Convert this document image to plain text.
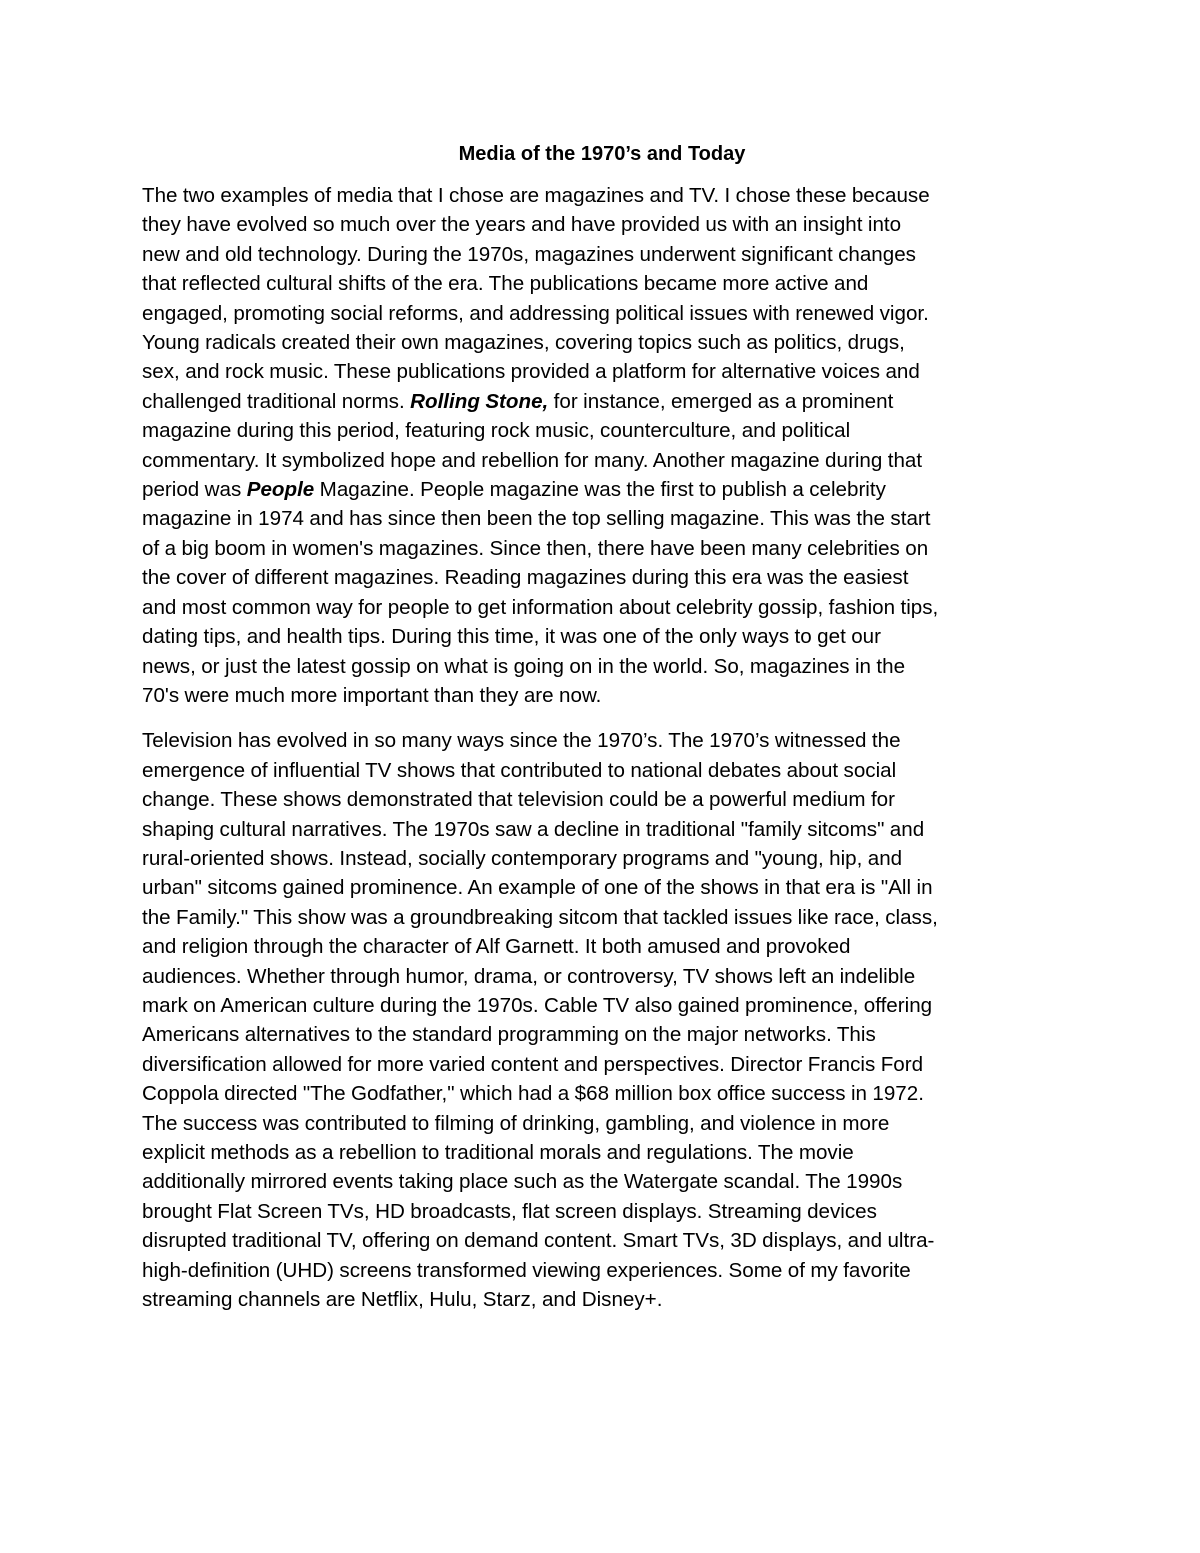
Media of the 1970’s and Today
The two examples of media that I chose are magazines and TV. I chose these because
they have evolved so much over the years and have provided us with an insight into
new and old technology. During the 1970s, magazines underwent significant changes
that reflected cultural shifts of the era. The publications became more active and
engaged, promoting social reforms, and addressing political issues with renewed vigor.
Young radicals created their own magazines, covering topics such as politics, drugs,
sex, and rock music. These publications provided a platform for alternative voices and
challenged traditional norms. Rolling Stone, for instance, emerged as a prominent
magazine during this period, featuring rock music, counterculture, and political
commentary. It symbolized hope and rebellion for many. Another magazine during that
period was People Magazine. People magazine was the first to publish a celebrity
magazine in 1974 and has since then been the top selling magazine. This was the start
of a big boom in women's magazines. Since then, there have been many celebrities on
the cover of different magazines. Reading magazines during this era was the easiest
and most common way for people to get information about celebrity gossip, fashion tips,
dating tips, and health tips. During this time, it was one of the only ways to get our
news, or just the latest gossip on what is going on in the world. So, magazines in the
70's were much more important than they are now.
Television has evolved in so many ways since the 1970’s. The 1970’s witnessed the
emergence of influential TV shows that contributed to national debates about social
change. These shows demonstrated that television could be a powerful medium for
shaping cultural narratives. The 1970s saw a decline in traditional "family sitcoms" and
rural-oriented shows. Instead, socially contemporary programs and "young, hip, and
urban" sitcoms gained prominence. An example of one of the shows in that era is "All in
the Family." This show was a groundbreaking sitcom that tackled issues like race, class,
and religion through the character of Alf Garnett. It both amused and provoked
audiences. Whether through humor, drama, or controversy, TV shows left an indelible
mark on American culture during the 1970s. Cable TV also gained prominence, offering
Americans alternatives to the standard programming on the major networks. This
diversification allowed for more varied content and perspectives. Director Francis Ford
Coppola directed "The Godfather," which had a $68 million box office success in 1972.
The success was contributed to filming of drinking, gambling, and violence in more
explicit methods as a rebellion to traditional morals and regulations. The movie
additionally mirrored events taking place such as the Watergate scandal. The 1990s
brought Flat Screen TVs, HD broadcasts, flat screen displays. Streaming devices
disrupted traditional TV, offering on demand content. Smart TVs, 3D displays, and ultra-
high-definition (UHD) screens transformed viewing experiences. Some of my favorite
streaming channels are Netflix, Hulu, Starz, and Disney+.
